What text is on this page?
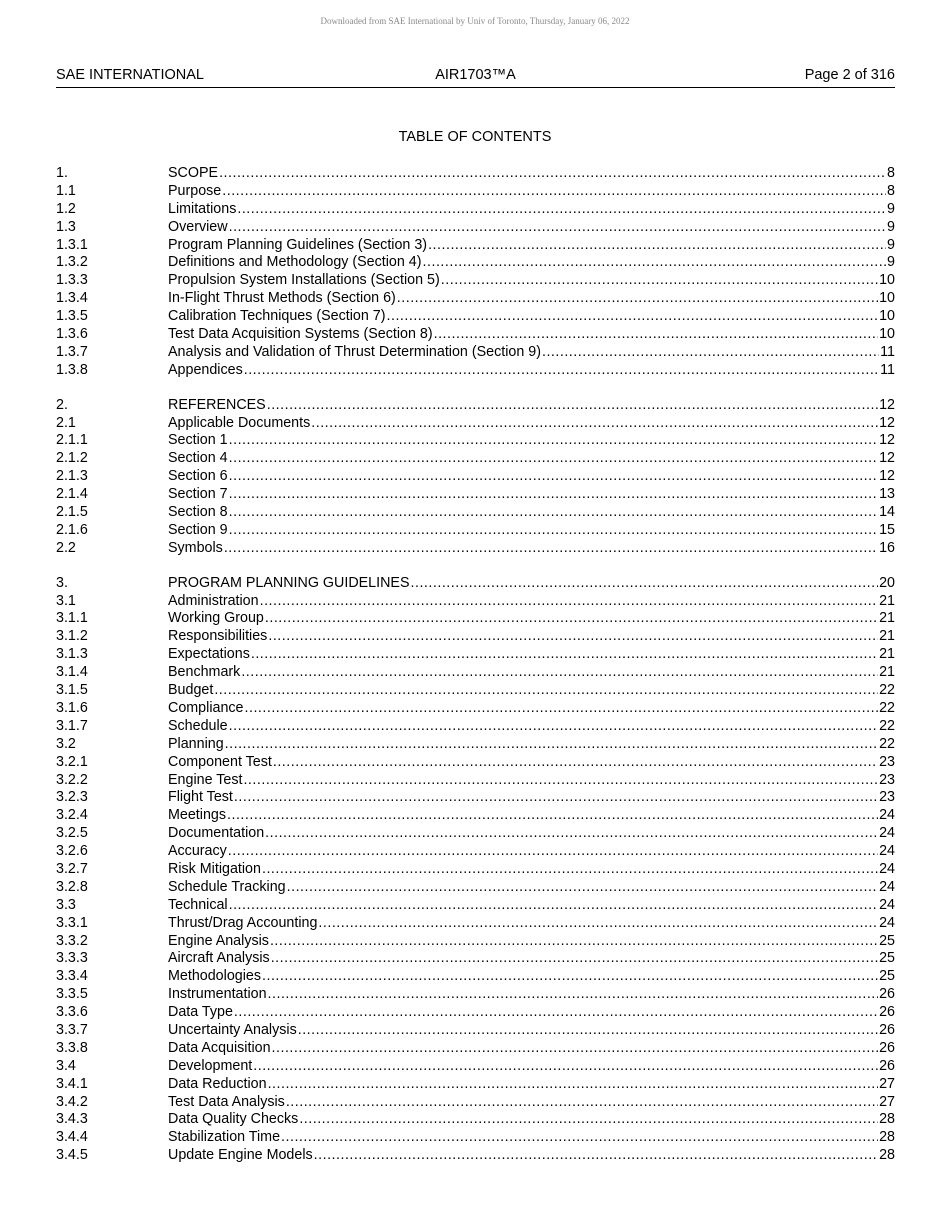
Downloaded from SAE International by Univ of Toronto, Thursday, January 06, 2022
SAE INTERNATIONAL	AIR1703™A	Page 2 of 316
TABLE OF CONTENTS
1.	SCOPE .....	8
1.1	Purpose .....	8
1.2	Limitations .....	9
1.3	Overview .....	9
1.3.1	Program Planning Guidelines (Section 3) .....	9
1.3.2	Definitions and Methodology (Section 4) .....	9
1.3.3	Propulsion System Installations (Section 5) .....	10
1.3.4	In-Flight Thrust Methods (Section 6) .....	10
1.3.5	Calibration Techniques (Section 7) .....	10
1.3.6	Test Data Acquisition Systems (Section 8) .....	10
1.3.7	Analysis and Validation of Thrust Determination (Section 9) .....	11
1.3.8	Appendices .....	11
2.	REFERENCES .....	12
2.1	Applicable Documents .....	12
2.1.1	Section 1 .....	12
2.1.2	Section 4 .....	12
2.1.3	Section 6 .....	12
2.1.4	Section 7 .....	13
2.1.5	Section 8 .....	14
2.1.6	Section 9 .....	15
2.2	Symbols .....	16
3.	PROGRAM PLANNING GUIDELINES .....	20
3.1	Administration .....	21
3.1.1	Working Group .....	21
3.1.2	Responsibilities .....	21
3.1.3	Expectations .....	21
3.1.4	Benchmark .....	21
3.1.5	Budget .....	22
3.1.6	Compliance .....	22
3.1.7	Schedule .....	22
3.2	Planning .....	22
3.2.1	Component Test .....	23
3.2.2	Engine Test .....	23
3.2.3	Flight Test .....	23
3.2.4	Meetings .....	24
3.2.5	Documentation .....	24
3.2.6	Accuracy .....	24
3.2.7	Risk Mitigation .....	24
3.2.8	Schedule Tracking .....	24
3.3	Technical .....	24
3.3.1	Thrust/Drag Accounting .....	24
3.3.2	Engine Analysis .....	25
3.3.3	Aircraft Analysis .....	25
3.3.4	Methodologies .....	25
3.3.5	Instrumentation .....	26
3.3.6	Data Type .....	26
3.3.7	Uncertainty Analysis .....	26
3.3.8	Data Acquisition .....	26
3.4	Development .....	26
3.4.1	Data Reduction .....	27
3.4.2	Test Data Analysis .....	27
3.4.3	Data Quality Checks .....	28
3.4.4	Stabilization Time .....	28
3.4.5	Update Engine Models .....	28
